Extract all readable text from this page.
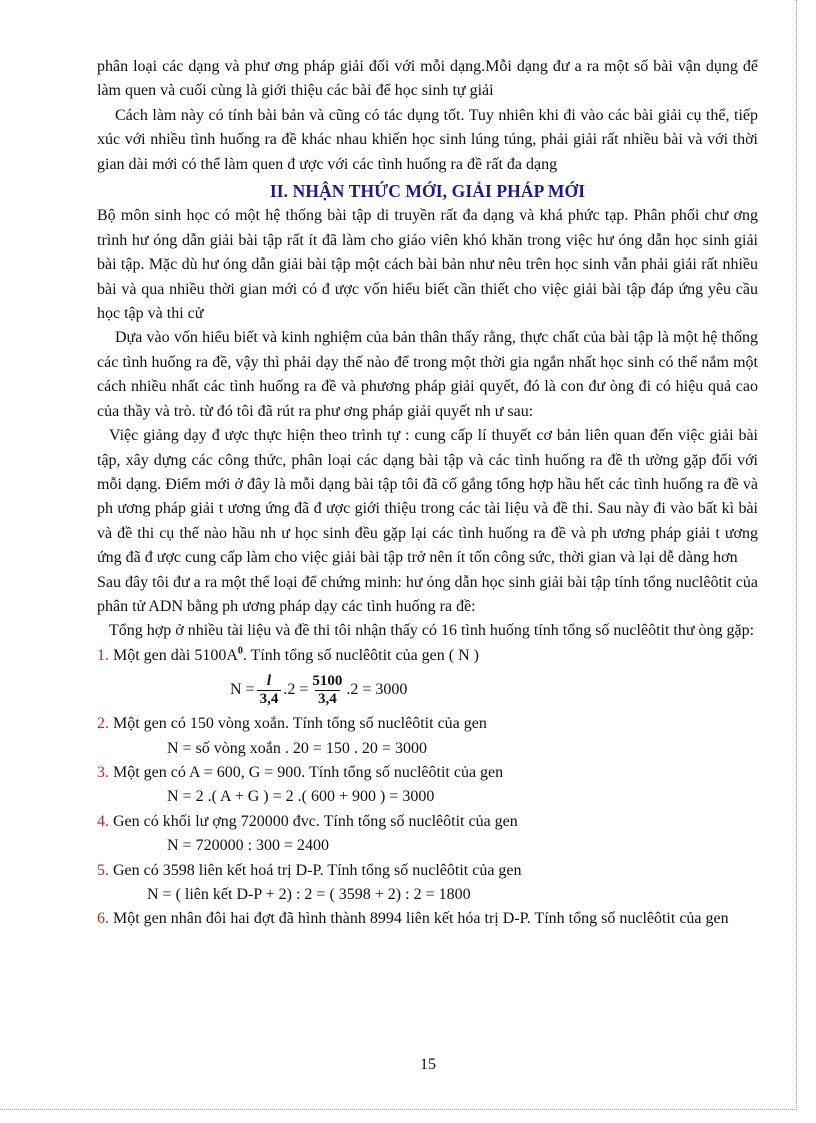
phân loại các dạng và phư ơng pháp giải đối với mỗi dạng.Mỗi dạng đư a ra một số bài vận dụng để làm quen và cuối cùng là giới thiệu các bài để học sinh tự giải

Cách làm này có tính bài bản và cũng có tác dụng tốt. Tuy nhiên khi đi vào các bài giải cụ thể, tiếp xúc với nhiều tình huống ra đề khác nhau khiến học sinh lúng túng, phải giải rất nhiều bài và với thời gian dài mới có thể làm quen đ ược với các tình huống ra đề rất đa dạng

II. NHẬN THỨC MỚI, GIẢI PHÁP MỚI

Bộ môn sinh học có một hệ thống bài tập di truyền rất đa dạng và khá phức tạp. Phân phối chư ơng trình hư óng dẫn giải bài tập rất ít đã làm cho giáo viên khó khăn trong việc hư óng dẫn học sinh giải bài tập. Mặc dù hư óng dẫn giải bài tập một cách bài bản như nêu trên học sinh vẫn phải giải rất nhiều bài và qua nhiều thời gian mới có đ ược vốn hiểu biết cần thiết cho việc giải bài tập đáp ứng yêu cầu học tập và thi cử

Dựa vào vốn hiểu biết và kinh nghiệm của bản thân thấy rằng, thực chất của bài tập là một hệ thống các tình huống ra đề, vậy thì phải dạy thế nào để trong một thời gia ngắn nhất học sinh có thể nắm một cách nhiều nhất các tình huống ra đề và phương pháp giải quyết, đó là con đư òng đi có hiệu quả cao của thầy và trò. từ đó tôi đã rút ra phư ơng pháp giải quyết nh ư sau:

Việc giảng dạy đ ược thực hiện theo trình tự : cung cấp lí thuyết cơ bản liên quan đến việc giải bài tập, xây dựng các công thức, phân loại các dạng bài tập và các tình huống ra đề th ường gặp đối với mỗi dạng. Điểm mới ở đây là mỗi dạng bài tập tôi đã cố gắng tổng hợp hầu hết các tình huống ra đề và ph ương pháp giải t ương ứng đã đ ược giới thiệu trong các tài liệu và đề thi. Sau này đi vào bất kì bài và đề thi cụ thể nào hầu nh ư học sinh đều gặp lại các tình huống ra đề và ph ương pháp giải t ương ứng đã đ ược cung cấp làm cho việc giải bài tập trở nên ít tốn công sức, thời gian và lại dễ dàng hơn

Sau đây tôi đư a ra một thể loại để chứng minh: hư óng dẫn học sinh giải bài tập tính tổng nuclêôtit của phân tử ADN bằng ph ương pháp dạy các tình huống ra đề:

Tổng hợp ở nhiều tài liệu và đề thi tôi nhận thấy có 16 tình huống tính tổng số nuclêôtit thư òng gặp:

1. Một gen dài $5100A^0$. Tính tổng số nuclêôtit của gen ( N )

$N = \frac{l}{3,4} .2 = \frac{5100}{3,4} .2 = 3000$

2. Một gen có 150 vòng xoắn. Tính tổng số nuclêôtit của gen

N = số vòng xoắn . 20 = 150 . 20 = 3000

3. Một gen có A = 600, G = 900. Tính tổng số nuclêôtit của gen

N = 2 .( A + G ) = 2 .( 600 + 900 ) = 3000

4. Gen có khối lư ợng 720000 đvc. Tính tổng số nuclêôtit của gen

N = 720000 : 300 = 2400

5. Gen có 3598 liên kết hoá trị D-P. Tính tổng số nuclêôtit của gen

N = ( liên kết D-P + 2) : 2 = ( 3598 + 2) : 2 = 1800

6. Một gen nhân đôi hai đợt đã hình thành 8994 liên kết hóa trị D-P. Tính tổng số nuclêôtit của gen

15
